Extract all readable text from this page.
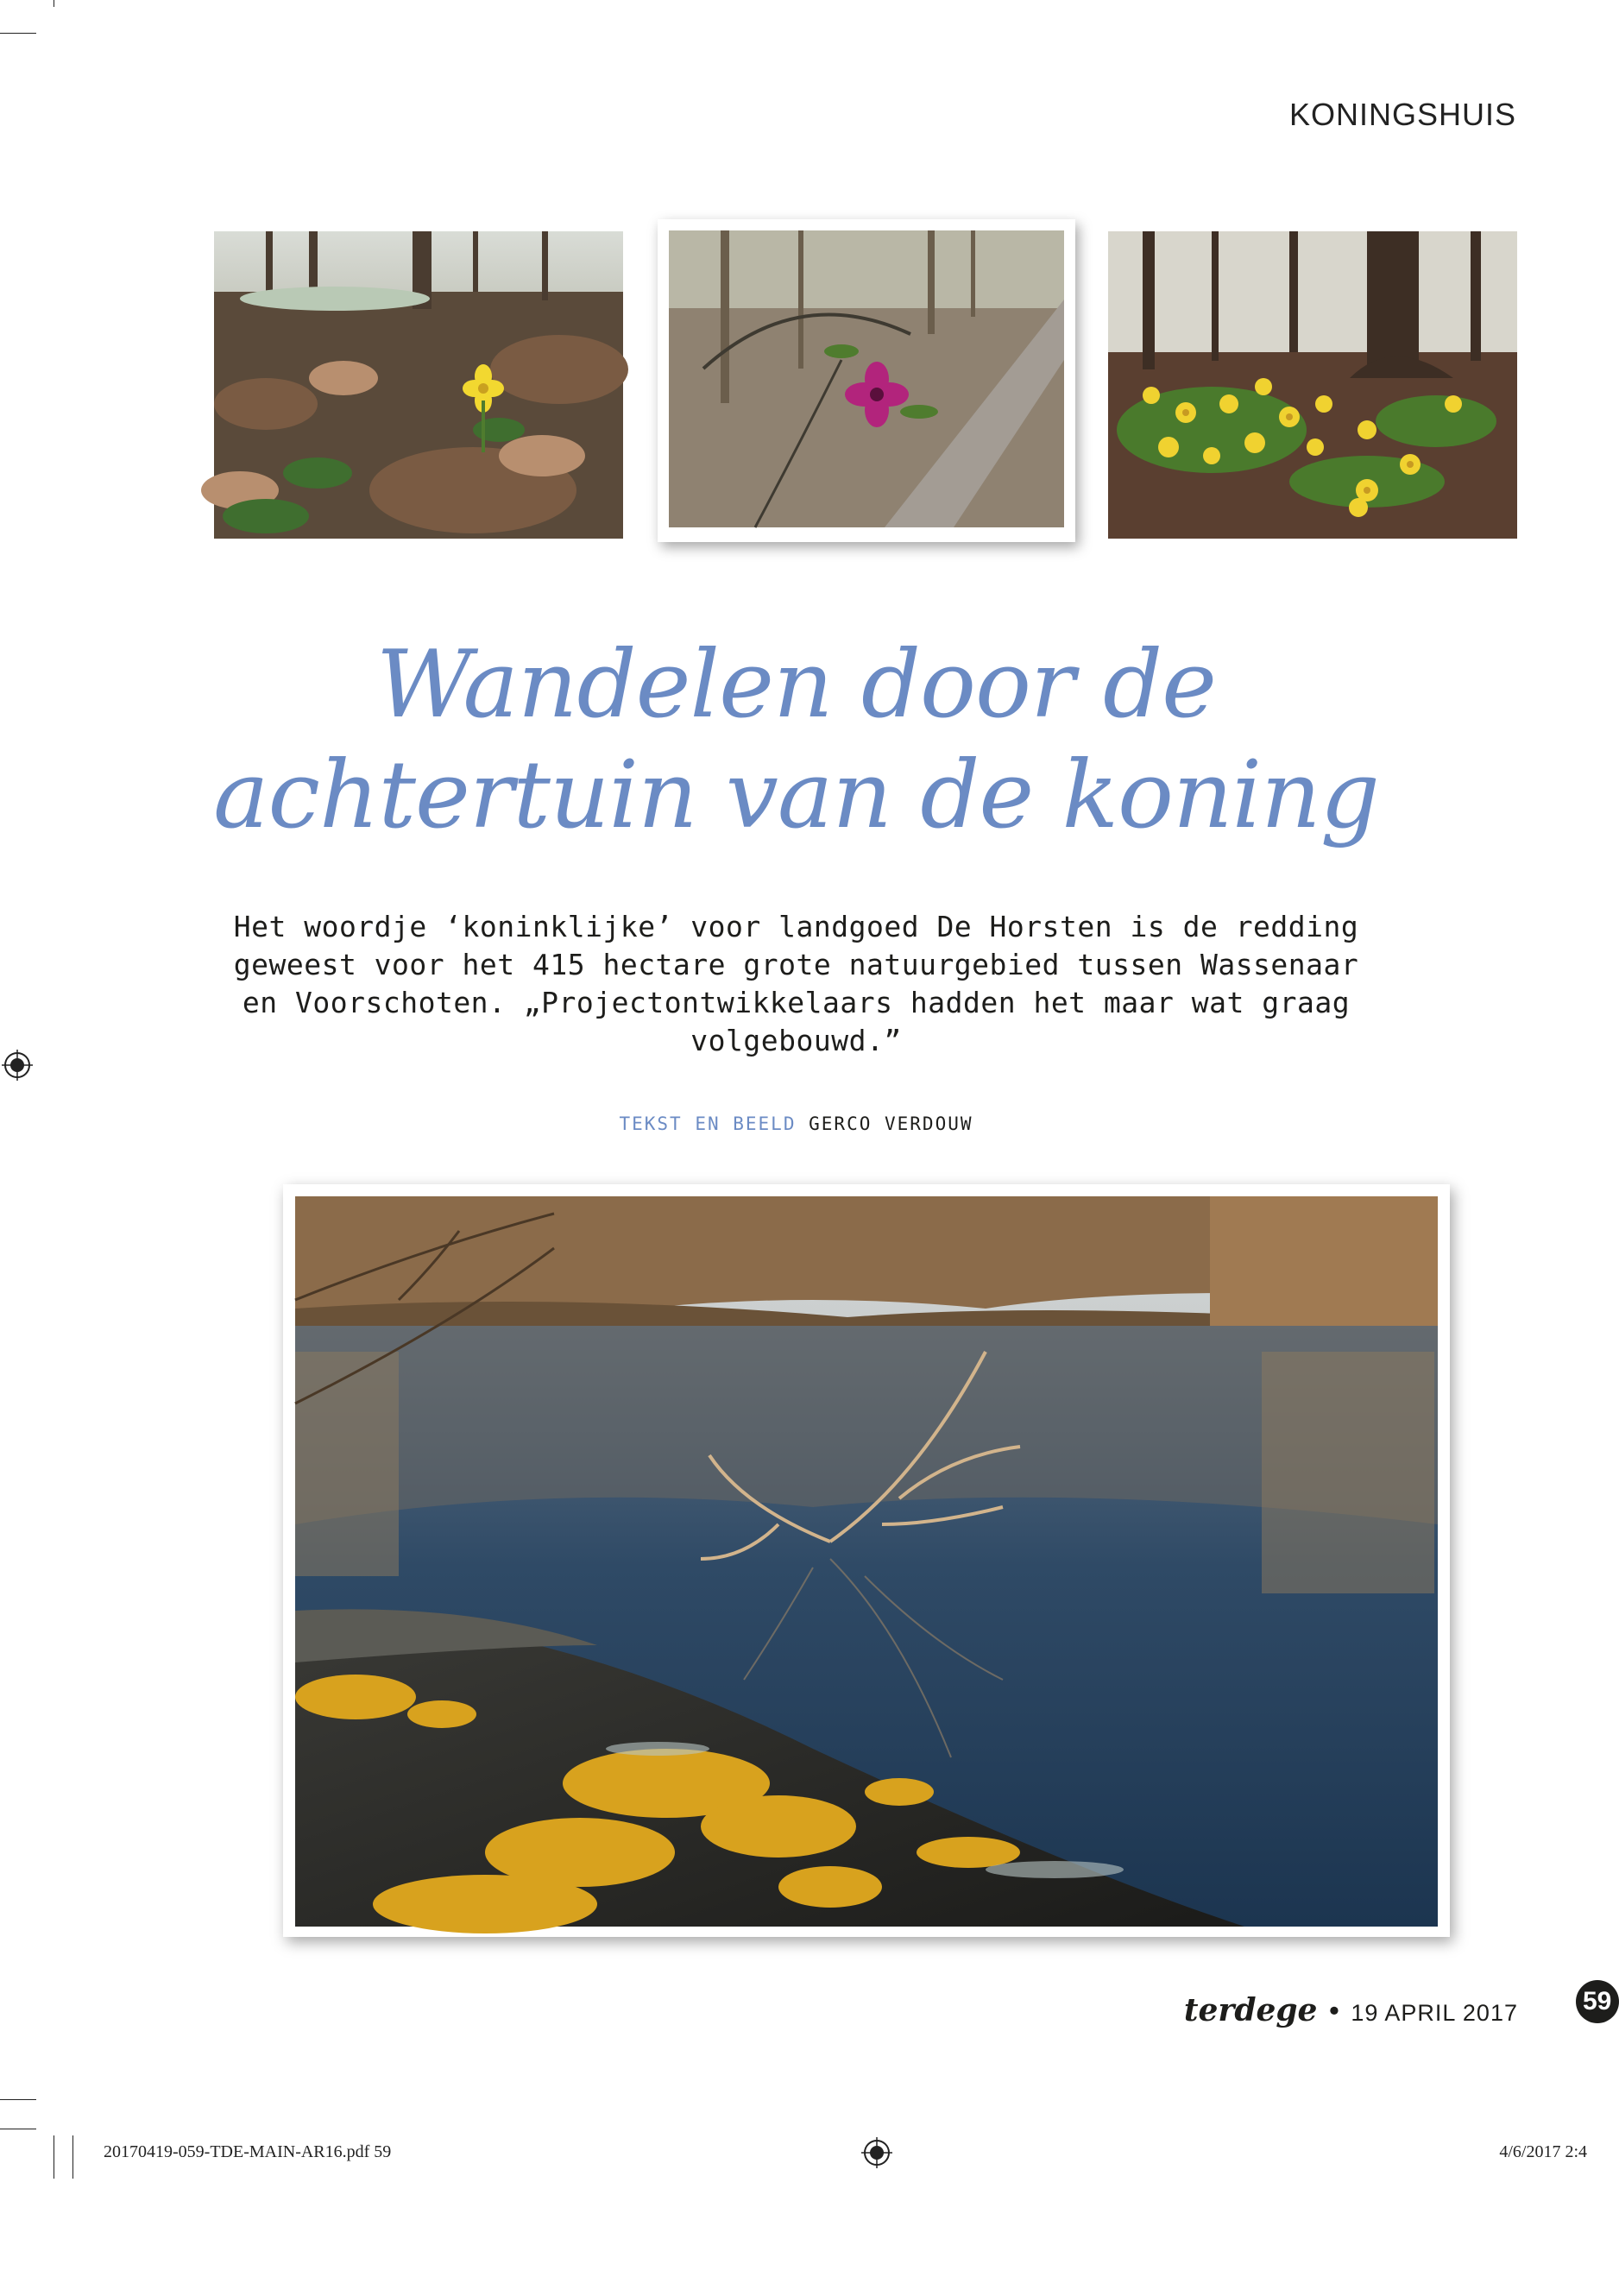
KONINGSHUIS
Wandelen door de
achtertuin van de koning
Het woordje ‘koninklijke’ voor landgoed De Horsten is de redding geweest voor het 415 hectare grote natuurgebied tussen Wassenaar en Voorschoten. „Projectontwikkelaars hadden het maar wat graag volgebouwd.”
TEKST EN BEELD GERCO VERDOUW
terdege • 19 APRIL 2017	59
20170419-059-TDE-MAIN-AR16.pdf 59	4/6/2017 2:4
